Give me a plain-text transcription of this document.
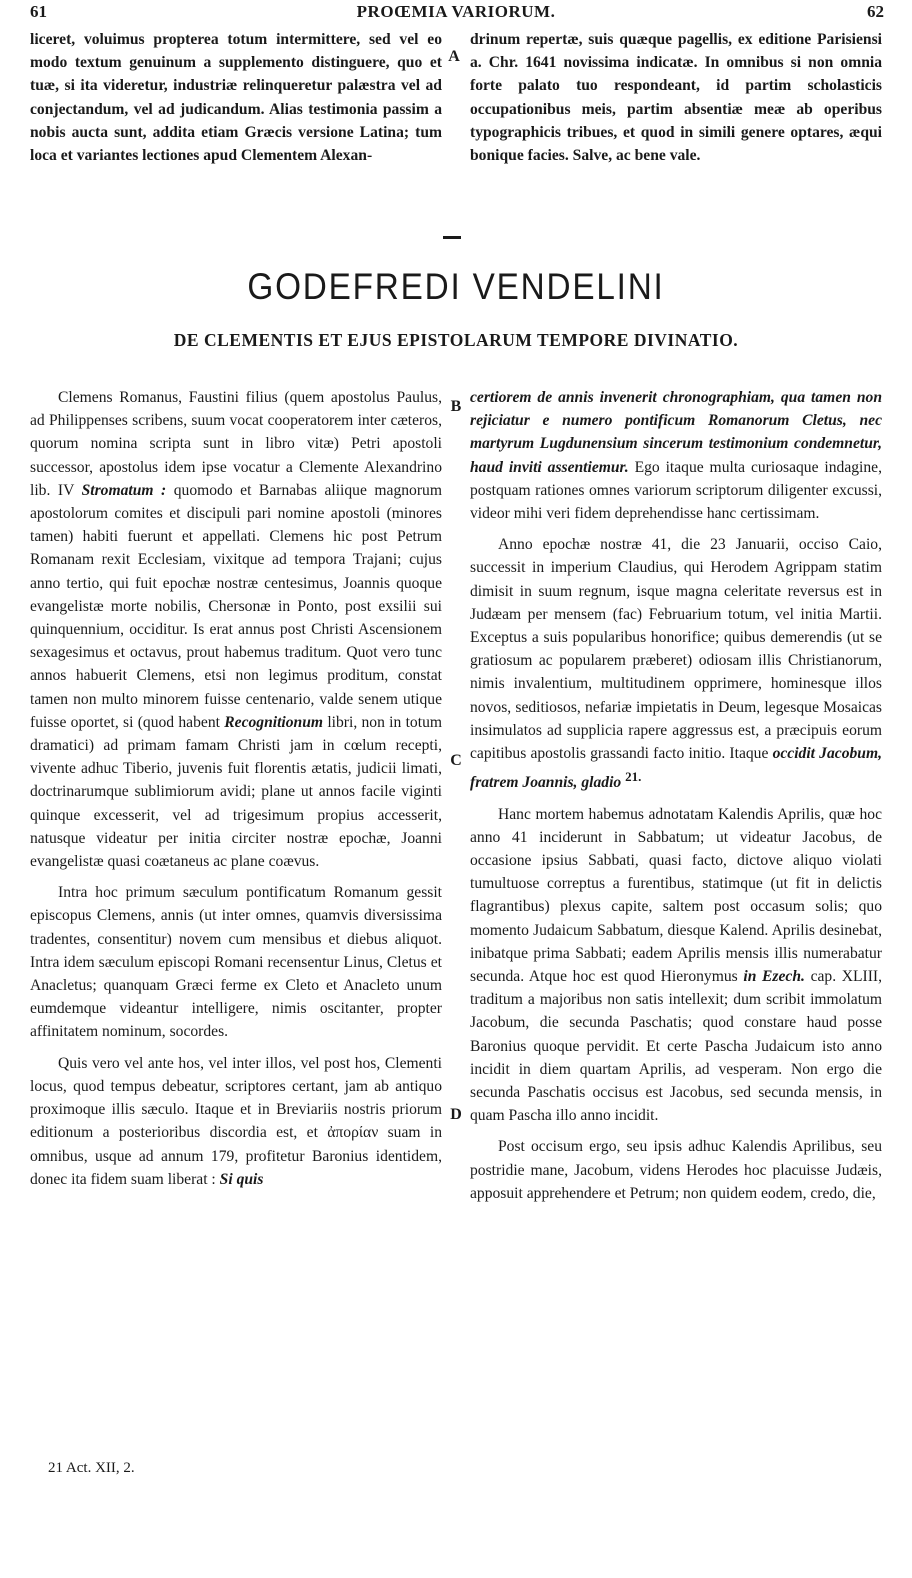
61	PROŒMIA VARIORUM.	62

liceret, voluimus propterea totum intermittere, sed vel eo modo textum genuinum a supplemento distinguere, quo et tuæ, si ita videretur, industriæ relinqueretur palæstra vel ad conjectandum, vel ad judicandum. Alias testimonia passim a nobis aucta sunt, addita etiam Græcis versione Latina; tum loca et variantes lectiones apud Clementem Alexan-

A

drinum repertæ, suis quæque pagellis, ex editione Parisiensi a. Chr. 1641 novissima indicatæ. In omnibus si non omnia forte palato tuo respondeant, id partim scholasticis occupationibus meis, partim absentiæ meæ ab operibus typographicis tribues, et quod in simili genere optares, æqui bonique facies. Salve, ac bene vale.

GODEFREDI VENDELINI
DE CLEMENTIS ET EJUS EPISTOLARUM TEMPORE DIVINATIO.

Clemens Romanus, Faustini filius (quem apostolus Paulus, ad Philippenses scribens, suum vocat cooperatorem inter cæteros, quorum nomina scripta sunt in libro vitæ) Petri apostoli successor, apostolus idem ipse vocatur a Clemente Alexandrino lib. IV Stromatum : quomodo et Barnabas aliique magnorum apostolorum comites et discipuli pari nomine apostoli (minores tamen) habiti fuerunt et appellati. Clemens hic post Petrum Romanam rexit Ecclesiam, vixitque ad tempora Trajani; cujus anno tertio, qui fuit epochæ nostræ centesimus, Joannis quoque evangelistæ morte nobilis, Chersonæ in Ponto, post exsilii sui quinquennium, occiditur. Is erat annus post Christi Ascensionem sexagesimus et octavus, prout habemus traditum. Quot vero tunc annos habuerit Clemens, etsi non legimus proditum, constat tamen non multo minorem fuisse centenario, valde senem utique fuisse oportet, si (quod habent Recognitionum libri, non in totum dramatici) ad primam famam Christi jam in cœlum recepti, vivente adhuc Tiberio, juvenis fuit florentis ætatis, judicii limati, doctrinarumque sublimiorum avidi; plane ut annos facile viginti quinque excesserit, vel ad trigesimum propius accesserit, natusque videatur per initia circiter nostræ epochæ, Joanni evangelistæ quasi coætaneus ac plane coævus.

Intra hoc primum sæculum pontificatum Romanum gessit episcopus Clemens, annis (ut inter omnes, quamvis diversissima tradentes, consentitur) novem cum mensibus et diebus aliquot. Intra idem sæculum episcopi Romani recensentur Linus, Cletus et Anacletus; quanquam Græci ferme ex Cleto et Anacleto unum eumdemque videantur intelligere, nimis oscitanter, propter affinitatem nominum, socordes.

Quis vero vel ante hos, vel inter illos, vel post hos, Clementi locus, quod tempus debeatur, scriptores certant, jam ab antiquo proximoque illis sæculo. Itaque et in Breviariis nostris priorum editionum a posterioribus discordia est, et ἀπορίαν suam in omnibus, usque ad annum 179, profitetur Baronius identidem, donec ita fidem suam liberat : Si quis

B
C
D

certiorem de annis invenerit chronographiam, qua tamen non rejiciatur e numero pontificum Romanorum Cletus, nec martyrum Lugdunensium sincerum testimonium condemnetur, haud inviti assentiemur. Ego itaque multa curiosaque indagine, postquam rationes omnes variorum scriptorum diligenter excussi, videor mihi veri fidem deprehendisse hanc certissimam.

Anno epochæ nostræ 41, die 23 Januarii, occiso Caio, successit in imperium Claudius, qui Herodem Agrippam statim dimisit in suum regnum, isque magna celeritate reversus est in Judæam per mensem (fac) Februarium totum, vel initia Martii. Exceptus a suis popularibus honorifice; quibus demerendis (ut se gratiosum ac popularem præberet) odiosam illis Christianorum, nimis invalentium, multitudinem opprimere, hominesque illos novos, seditiosos, nefariæ impietatis in Deum, legesque Mosaicas insimulatos ad supplicia rapere aggressus est, a præcipuis eorum capitibus apostolis grassandi facto initio. Itaque occidit Jacobum, fratrem Joannis, gladio $^{21.}$

Hanc mortem habemus adnotatam Kalendis Aprilis, quæ hoc anno 41 inciderunt in Sabbatum; ut videatur Jacobus, de occasione ipsius Sabbati, quasi facto, dictove aliquo violati tumultuose correptus a furentibus, statimque (ut fit in delictis flagrantibus) plexus capite, saltem post occasum solis; quo momento Judaicum Sabbatum, diesque Kalend. Aprilis desinebat, inibatque prima Sabbati; eadem Aprilis mensis illis numerabatur secunda. Atque hoc est quod Hieronymus in Ezech. cap. XLIII, traditum a majoribus non satis intellexit; dum scribit immolatum Jacobum, die secunda Paschatis; quod constare haud posse Baronius quoque pervidit. Et certe Pascha Judaicum isto anno incidit in diem quartam Aprilis, ad vesperam. Non ergo die secunda Paschatis occisus est Jacobus, sed secunda mensis, in quam Pascha illo anno incidit.

Post occisum ergo, seu ipsis adhuc Kalendis Aprilibus, seu postridie mane, Jacobum, videns Herodes hoc placuisse Judæis, apposuit apprehendere et Petrum; non quidem eodem, credo, die,

21 Act. XII, 2.
